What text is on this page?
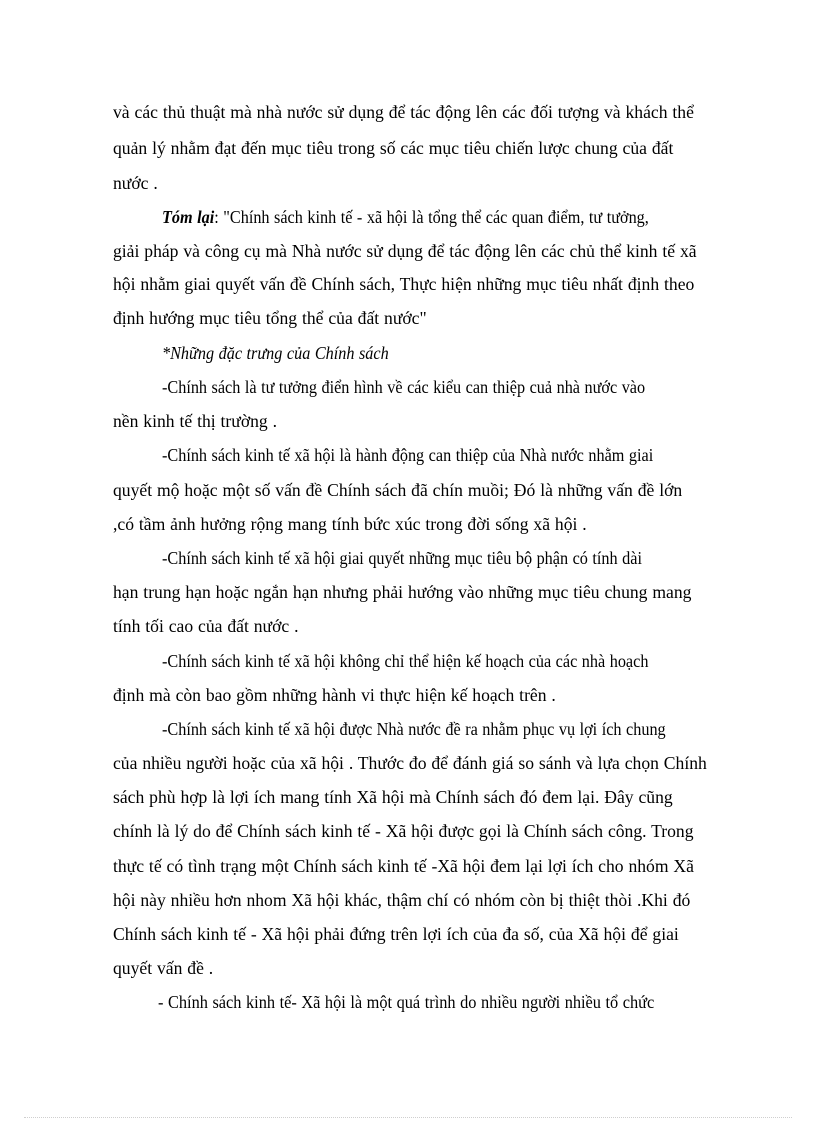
và các thủ thuật mà nhà nước sử dụng để tác động lên các đối tượng và khách thể
quản lý nhằm đạt đến mục tiêu trong số các mục tiêu chiến lược chung của đất
nước .
Tóm lại: "Chính sách kinh tế - xã hội là tổng thể các quan điểm, tư tưởng,
giải pháp và công cụ mà Nhà nước sử dụng để tác động lên các chủ thể kinh tế xã
hội nhằm giai quyết vấn đề Chính sách, Thực hiện những mục tiêu nhất định theo
định hướng mục tiêu tổng thể của đất nước"
*Những đặc trưng của Chính sách
-Chính sách là tư tưởng điển hình về các kiểu can thiệp cuả nhà nước vào
nền kinh tế thị trường .
-Chính sách kinh tế xã hội là hành động can thiệp của Nhà nước nhằm giai
quyết mộ hoặc một số vấn đề Chính sách đã chín muồi; Đó là những vấn đề lớn
,có tầm ảnh hưởng rộng mang tính bức xúc trong đời sống xã hội .
-Chính sách kinh tế xã hội giai quyết những mục tiêu bộ phận có tính dài
hạn trung hạn hoặc ngắn hạn nhưng phải hướng vào những mục tiêu chung mang
tính tối cao của đất nước .
-Chính sách kinh tế xã hội không chỉ thể hiện kế hoạch của các nhà hoạch
định mà còn bao gồm những hành vi thực hiện kế hoạch trên .
-Chính sách kinh tế xã hội được Nhà nước đề ra nhằm phục vụ lợi ích chung
của nhiều người hoặc của xã hội . Thước đo để đánh giá so sánh và lựa chọn Chính
sách phù hợp là lợi ích mang tính Xã hội mà Chính sách đó đem lại. Đây cũng
chính là lý do để Chính sách kinh tế - Xã hội được gọi là Chính sách công. Trong
thực tế có tình trạng một Chính sách kinh tế -Xã hội đem lại lợi ích cho nhóm Xã
hội này nhiều hơn nhom Xã hội khác, thậm chí có nhóm còn bị thiệt thòi .Khi đó
Chính sách kinh tế - Xã hội phải đứng trên lợi ích của đa số, của Xã hội để giai
quyết vấn đề .
- Chính sách kinh tế- Xã hội là một quá trình do nhiều người nhiều tổ chức
